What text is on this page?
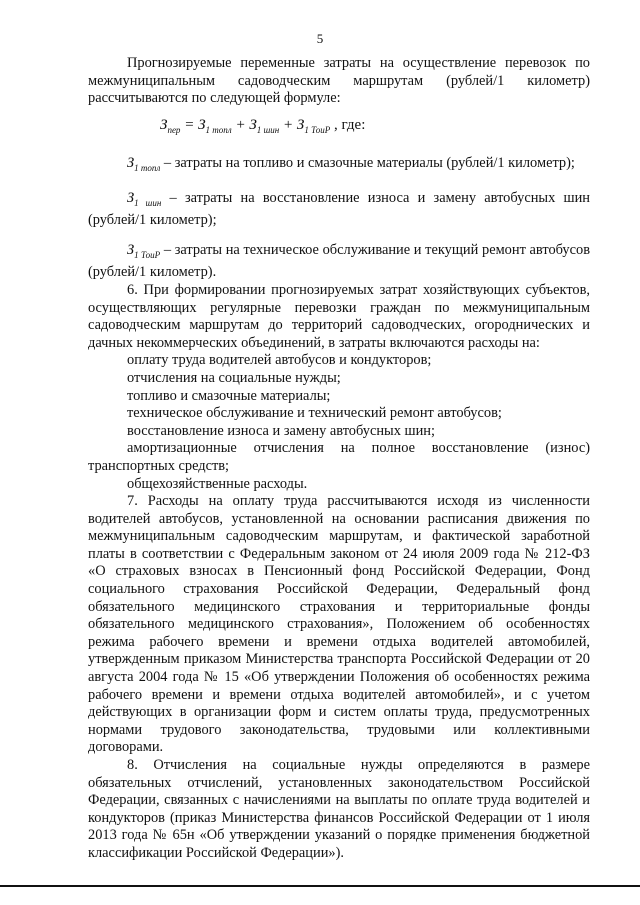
5

Прогнозируемые переменные затраты на осуществление перевозок по межмуниципальным садоводческим маршрутам (рублей/1 километр) рассчитываются по следующей формуле:

$З_{пер} = З_{1 топл} + З_{1 шин} + З_{1 ТоиР}$ , где:

$З_{1 топл}$ – затраты на топливо и смазочные материалы (рублей/1 километр);

$З_{1 шин}$ – затраты на восстановление износа и замену автобусных шин (рублей/1 километр);

$З_{1 ТоиР}$ – затраты на техническое обслуживание и текущий ремонт автобусов (рублей/1 километр).

6. При формировании прогнозируемых затрат хозяйствующих субъектов, осуществляющих регулярные перевозки граждан по межмуниципальным садоводческим маршрутам до территорий садоводческих, огороднических и дачных некоммерческих объединений, в затраты включаются расходы на:

оплату труда водителей автобусов и кондукторов;

отчисления на социальные нужды;

топливо и смазочные материалы;

техническое обслуживание и технический ремонт автобусов;

восстановление износа и замену автобусных шин;

амортизационные отчисления на полное восстановление (износ) транспортных средств;

общехозяйственные расходы.

7. Расходы на оплату труда рассчитываются исходя из численности водителей автобусов, установленной на основании расписания движения по межмуниципальным садоводческим маршрутам, и фактической заработной платы в соответствии с Федеральным законом от 24 июля 2009 года № 212-ФЗ «О страховых взносах в Пенсионный фонд Российской Федерации, Фонд социального страхования Российской Федерации, Федеральный фонд обязательного медицинского страхования и территориальные фонды обязательного медицинского страхования», Положением об особенностях режима рабочего времени и времени отдыха водителей автомобилей, утвержденным приказом Министерства транспорта Российской Федерации от 20 августа 2004 года № 15 «Об утверждении Положения об особенностях режима рабочего времени и времени отдыха водителей автомобилей», и с учетом действующих в организации форм и систем оплаты труда, предусмотренных нормами трудового законодательства, трудовыми или коллективными договорами.

8. Отчисления на социальные нужды определяются в размере обязательных отчислений, установленных законодательством Российской Федерации, связанных с начислениями на выплаты по оплате труда водителей и кондукторов (приказ Министерства финансов Российской Федерации от 1 июля 2013 года № 65н «Об утверждении указаний о порядке применения бюджетной классификации Российской Федерации»).
